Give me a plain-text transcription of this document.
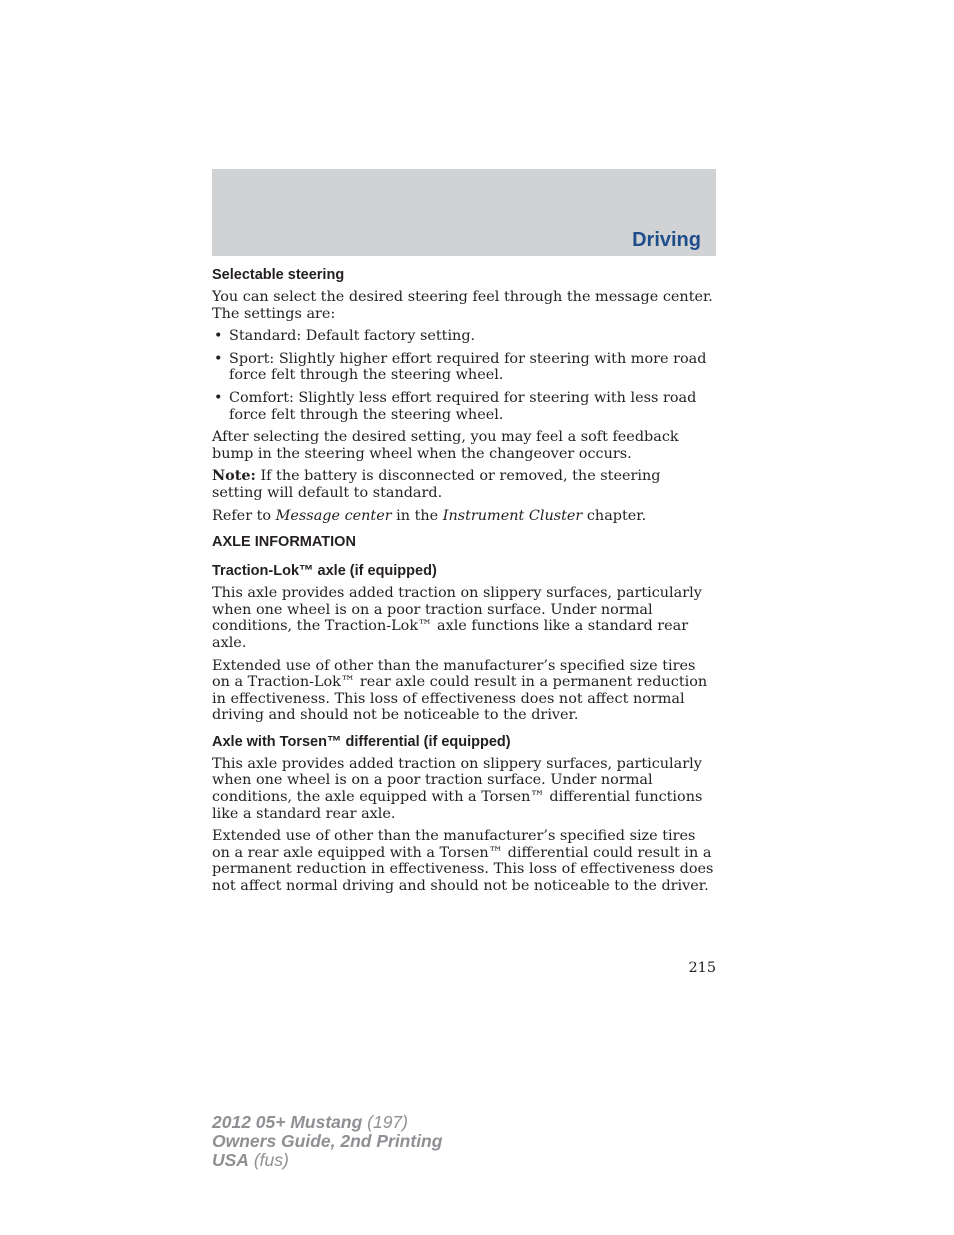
Driving
Selectable steering

You can select the desired steering feel through the message center. The settings are:

• Standard: Default factory setting.
• Sport: Slightly higher effort required for steering with more road force felt through the steering wheel.
• Comfort: Slightly less effort required for steering with less road force felt through the steering wheel.

After selecting the desired setting, you may feel a soft feedback bump in the steering wheel when the changeover occurs.

Note: If the battery is disconnected or removed, the steering setting will default to standard.

Refer to Message center in the Instrument Cluster chapter.

AXLE INFORMATION
Traction-Lok™ axle (if equipped)

This axle provides added traction on slippery surfaces, particularly when one wheel is on a poor traction surface. Under normal conditions, the Traction-Lok™ axle functions like a standard rear axle.

Extended use of other than the manufacturer’s specified size tires on a Traction-Lok™ rear axle could result in a permanent reduction in effectiveness. This loss of effectiveness does not affect normal driving and should not be noticeable to the driver.

Axle with Torsen™ differential (if equipped)

This axle provides added traction on slippery surfaces, particularly when one wheel is on a poor traction surface. Under normal conditions, the axle equipped with a Torsen™ differential functions like a standard rear axle.

Extended use of other than the manufacturer’s specified size tires on a rear axle equipped with a Torsen™ differential could result in a permanent reduction in effectiveness. This loss of effectiveness does not affect normal driving and should not be noticeable to the driver.

215
2012 05+ Mustang (197)
Owners Guide, 2nd Printing
USA (fus)
